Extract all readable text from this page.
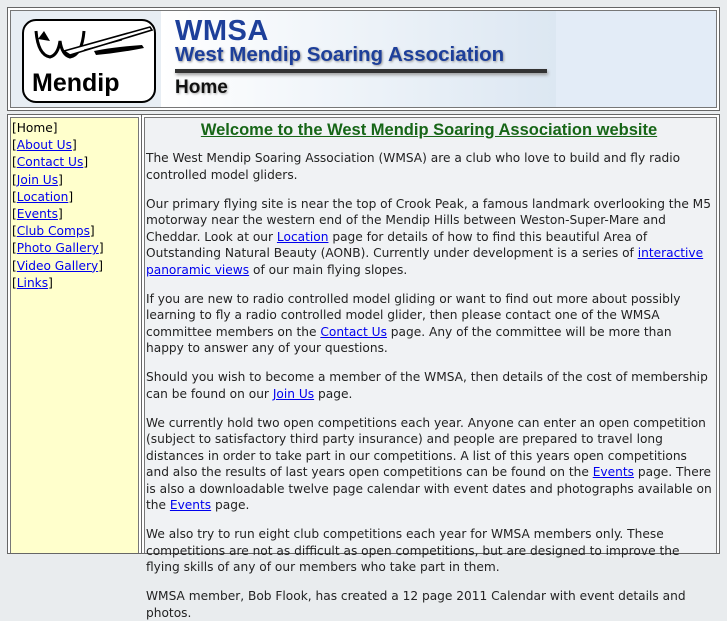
Mendip
WMSA
West Mendip Soaring Association
Home
[Home]
[About Us]
[Contact Us]
[Join Us]
[Location]
[Events]
[Club Comps]
[Photo Gallery]
[Video Gallery]
[Links]
Welcome to the West Mendip Soaring Association website

The West Mendip Soaring Association (WMSA) are a club who love to build and fly radio controlled model gliders.

Our primary flying site is near the top of Crook Peak, a famous landmark overlooking the M5 motorway near the western end of the Mendip Hills between Weston-Super-Mare and Cheddar. Look at our Location page for details of how to find this beautiful Area of Outstanding Natural Beauty (AONB). Currently under development is a series of interactive panoramic views of our main flying slopes.

If you are new to radio controlled model gliding or want to find out more about possibly learning to fly a radio controlled model glider, then please contact one of the WMSA committee members on the Contact Us page. Any of the committee will be more than happy to answer any of your questions.

Should you wish to become a member of the WMSA, then details of the cost of membership can be found on our Join Us page.

We currently hold two open competitions each year. Anyone can enter an open competition (subject to satisfactory third party insurance) and people are prepared to travel long distances in order to take part in our competitions. A list of this years open competitions and also the results of last years open competitions can be found on the Events page. There is also a downloadable twelve page calendar with event dates and photographs available on the Events page.

We also try to run eight club competitions each year for WMSA members only. These competitions are not as difficult as open competitions, but are designed to improve the flying skills of any of our members who take part in them.

WMSA member, Bob Flook, has created a 12 page 2011 Calendar with event details and photos.
